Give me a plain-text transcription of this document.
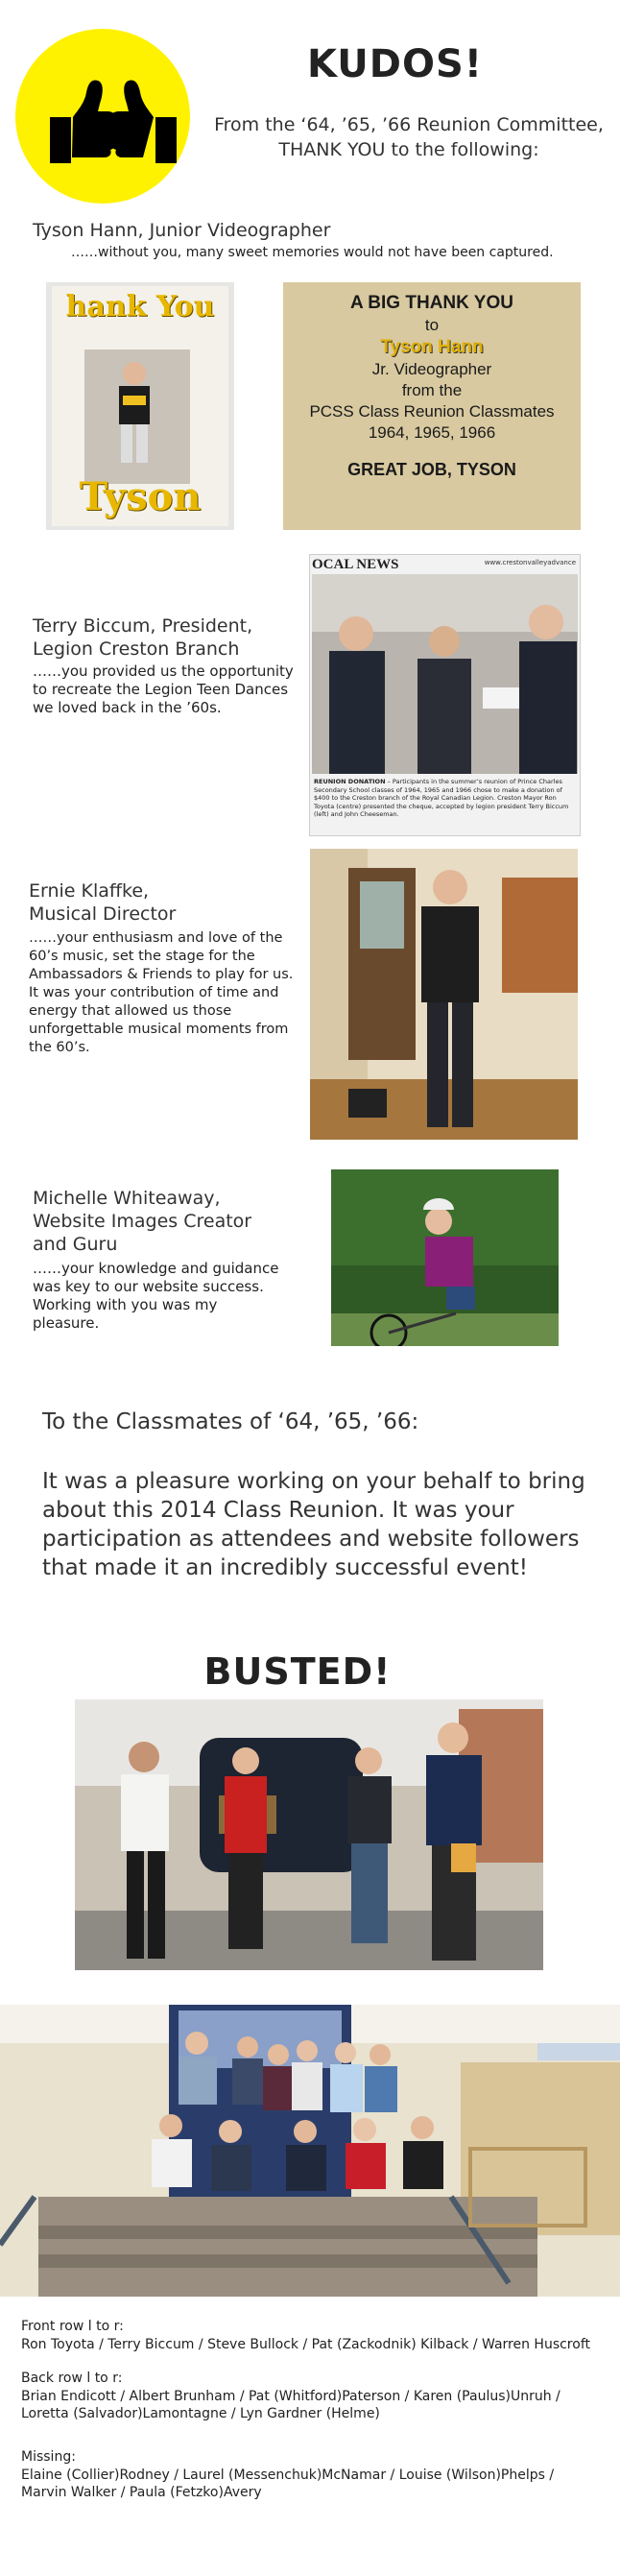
KUDOS!
From the ‘64, ’65, ’66 Reunion Committee,
THANK YOU to the following:
Tyson Hann, Junior Videographer
……without you, many sweet memories would not have been captured.
hank You
Tyson
A BIG THANK YOU
to
Tyson Hann
Jr. Videographer
from the
PCSS Class Reunion Classmates
1964, 1965, 1966
GREAT JOB, TYSON
Terry Biccum, President,
Legion Creston Branch
……you provided us the opportunity to recreate the Legion Teen Dances we loved back in the ’60s.
OCAL NEWS	www.crestonvalleyadvance
REUNION DONATION – Participants in the summer’s reunion of Prince Charles Secondary School classes of 1964, 1965 and 1966 chose to make a donation of $400 to the Creston branch of the Royal Canadian Legion. Creston Mayor Ron Toyota (centre) presented the cheque, accepted by legion president Terry Biccum (left) and John Cheeseman.
Ernie Klaffke,
Musical Director
……your enthusiasm and love of the 60’s music, set the stage for the Ambassadors & Friends to play for us. It was your contribution of time and energy that allowed us those unforgettable musical moments from the 60’s.
Michelle Whiteaway,
Website Images Creator
and Guru
……your knowledge and guidance was key to our website success. Working with you was my pleasure.
To the Classmates of ‘64, ’65, ’66:
It was a pleasure working on your behalf to bring about this 2014 Class Reunion. It was your participation as attendees and website followers that made it an incredibly successful event!
BUSTED!
Front row l to r:
Ron Toyota / Terry Biccum / Steve Bullock / Pat (Zackodnik) Kilback / Warren Huscroft
Back row l to r:
Brian Endicott / Albert Brunham / Pat (Whitford)Paterson / Karen (Paulus)Unruh / Loretta (Salvador)Lamontagne / Lyn Gardner (Helme)
Missing:
Elaine (Collier)Rodney / Laurel (Messenchuk)McNamar / Louise (Wilson)Phelps / Marvin Walker / Paula (Fetzko)Avery
